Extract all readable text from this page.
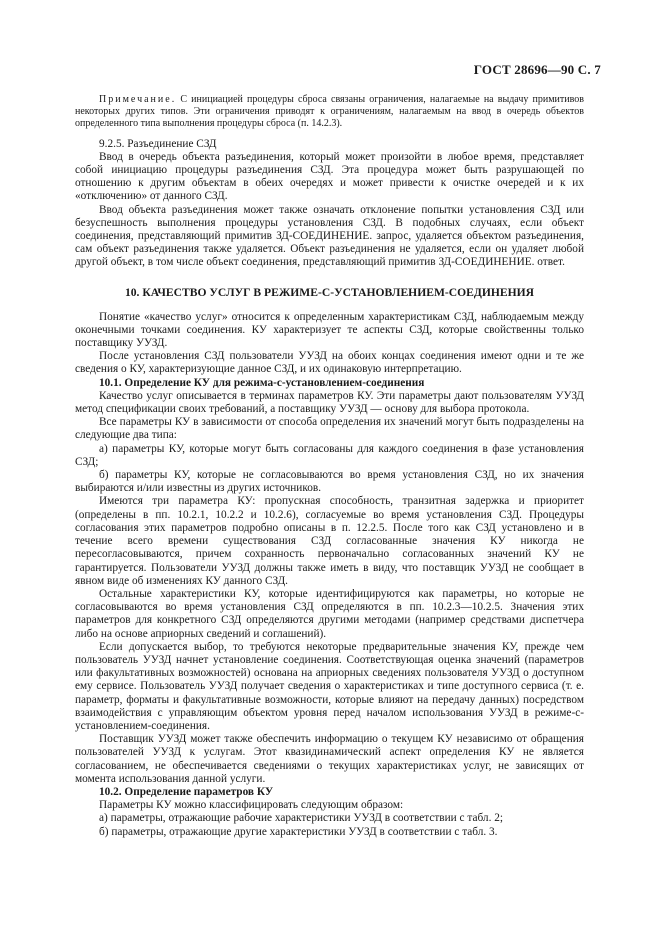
ГОСТ 28696—90 С. 7

Примечание. С инициацией процедуры сброса связаны ограничения, налагаемые на выдачу примитивов некоторых других типов. Эти ограничения приводят к ограничениям, налагаемым на ввод в очередь объектов определенного типа выполнения процедуры сброса (п. 14.2.3).

9.2.5. Разъединение СЗД

Ввод в очередь объекта разъединения, который может произойти в любое время, представляет собой инициацию процедуры разъединения СЗД. Эта процедура может быть разрушающей по отношению к другим объектам в обеих очередях и может привести к очистке очередей и к их «отключению» от данного СЗД.

Ввод объекта разъединения может также означать отклонение попытки установления СЗД или безуспешность выполнения процедуры установления СЗД. В подобных случаях, если объект соединения, представляющий примитив ЗД-СОЕДИНЕНИЕ. запрос, удаляется объектом разъединения, сам объект разъединения также удаляется. Объект разъединения не удаляется, если он удаляет любой другой объект, в том числе объект соединения, представляющий примитив ЗД-СОЕДИНЕНИЕ. ответ.

10. КАЧЕСТВО УСЛУГ В РЕЖИМЕ-С-УСТАНОВЛЕНИЕМ-СОЕДИНЕНИЯ

Понятие «качество услуг» относится к определенным характеристикам СЗД, наблюдаемым между оконечными точками соединения. КУ характеризует те аспекты СЗД, которые свойственны только поставщику УУЗД.

После установления СЗД пользователи УУЗД на обоих концах соединения имеют одни и те же сведения о КУ, характеризующие данное СЗД, и их одинаковую интерпретацию.

10.1. Определение КУ для режима-с-установлением-соединения

Качество услуг описывается в терминах параметров КУ. Эти параметры дают пользователям УУЗД метод спецификации своих требований, а поставщику УУЗД — основу для выбора протокола.

Все параметры КУ в зависимости от способа определения их значений могут быть подразделены на следующие два типа:

а) параметры КУ, которые могут быть согласованы для каждого соединения в фазе установления СЗД;

б) параметры КУ, которые не согласовываются во время установления СЗД, но их значения выбираются и/или известны из других источников.

Имеются три параметра КУ: пропускная способность, транзитная задержка и приоритет (определены в пп. 10.2.1, 10.2.2 и 10.2.6), согласуемые во время установления СЗД. Процедуры согласования этих параметров подробно описаны в п. 12.2.5. После того как СЗД установлено и в течение всего времени существования СЗД согласованные значения КУ никогда не пересогласовываются, причем сохранность первоначально согласованных значений КУ не гарантируется. Пользователи УУЗД должны также иметь в виду, что поставщик УУЗД не сообщает в явном виде об изменениях КУ данного СЗД.

Остальные характеристики КУ, которые идентифицируются как параметры, но которые не согласовываются во время установления СЗД определяются в пп. 10.2.3—10.2.5. Значения этих параметров для конкретного СЗД определяются другими методами (например средствами диспетчера либо на основе априорных сведений и соглашений).

Если допускается выбор, то требуются некоторые предварительные значения КУ, прежде чем пользователь УУЗД начнет установление соединения. Соответствующая оценка значений (параметров или факультативных возможностей) основана на априорных сведениях пользователя УУЗД о доступном ему сервисе. Пользователь УУЗД получает сведения о характеристиках и типе доступного сервиса (т. е. параметр, форматы и факультативные возможности, которые влияют на передачу данных) посредством взаимодействия с управляющим объектом уровня перед началом использования УУЗД в режиме-с-установлением-соединения.

Поставщик УУЗД может также обеспечить информацию о текущем КУ независимо от обращения пользователей УУЗД к услугам. Этот квазидинамический аспект определения КУ не является согласованием, не обеспечивается сведениями о текущих характеристиках услуг, не зависящих от момента использования данной услуги.

10.2. Определение параметров КУ

Параметры КУ можно классифицировать следующим образом:

а) параметры, отражающие рабочие характеристики УУЗД в соответствии с табл. 2;

б) параметры, отражающие другие характеристики УУЗД в соответствии с табл. 3.
